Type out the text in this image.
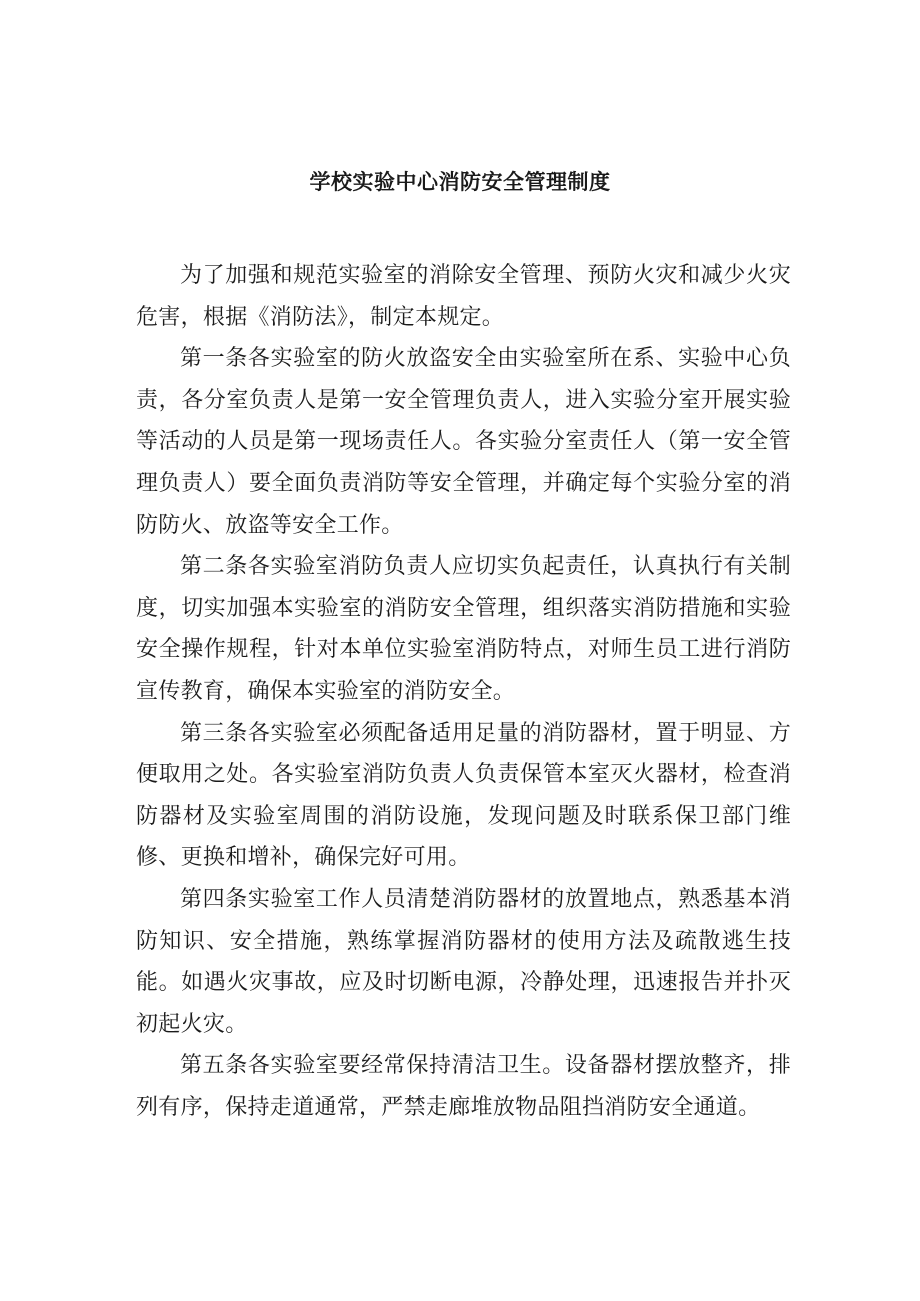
学校实验中心消防安全管理制度

为了加强和规范实验室的消除安全管理、预防火灾和减少火灾危害，根据《消防法》，制定本规定。

第一条各实验室的防火放盗安全由实验室所在系、实验中心负责，各分室负责人是第一安全管理负责人，进入实验分室开展实验等活动的人员是第一现场责任人。各实验分室责任人（第一安全管理负责人）要全面负责消防等安全管理，并确定每个实验分室的消防防火、放盗等安全工作。

第二条各实验室消防负责人应切实负起责任，认真执行有关制度，切实加强本实验室的消防安全管理，组织落实消防措施和实验安全操作规程，针对本单位实验室消防特点，对师生员工进行消防宣传教育，确保本实验室的消防安全。

第三条各实验室必须配备适用足量的消防器材，置于明显、方便取用之处。各实验室消防负责人负责保管本室灭火器材，检查消防器材及实验室周围的消防设施，发现问题及时联系保卫部门维修、更换和增补，确保完好可用。

第四条实验室工作人员清楚消防器材的放置地点，熟悉基本消防知识、安全措施，熟练掌握消防器材的使用方法及疏散逃生技能。如遇火灾事故，应及时切断电源，冷静处理，迅速报告并扑灭初起火灾。

第五条各实验室要经常保持清洁卫生。设备器材摆放整齐，排列有序，保持走道通常，严禁走廊堆放物品阻挡消防安全通道。
